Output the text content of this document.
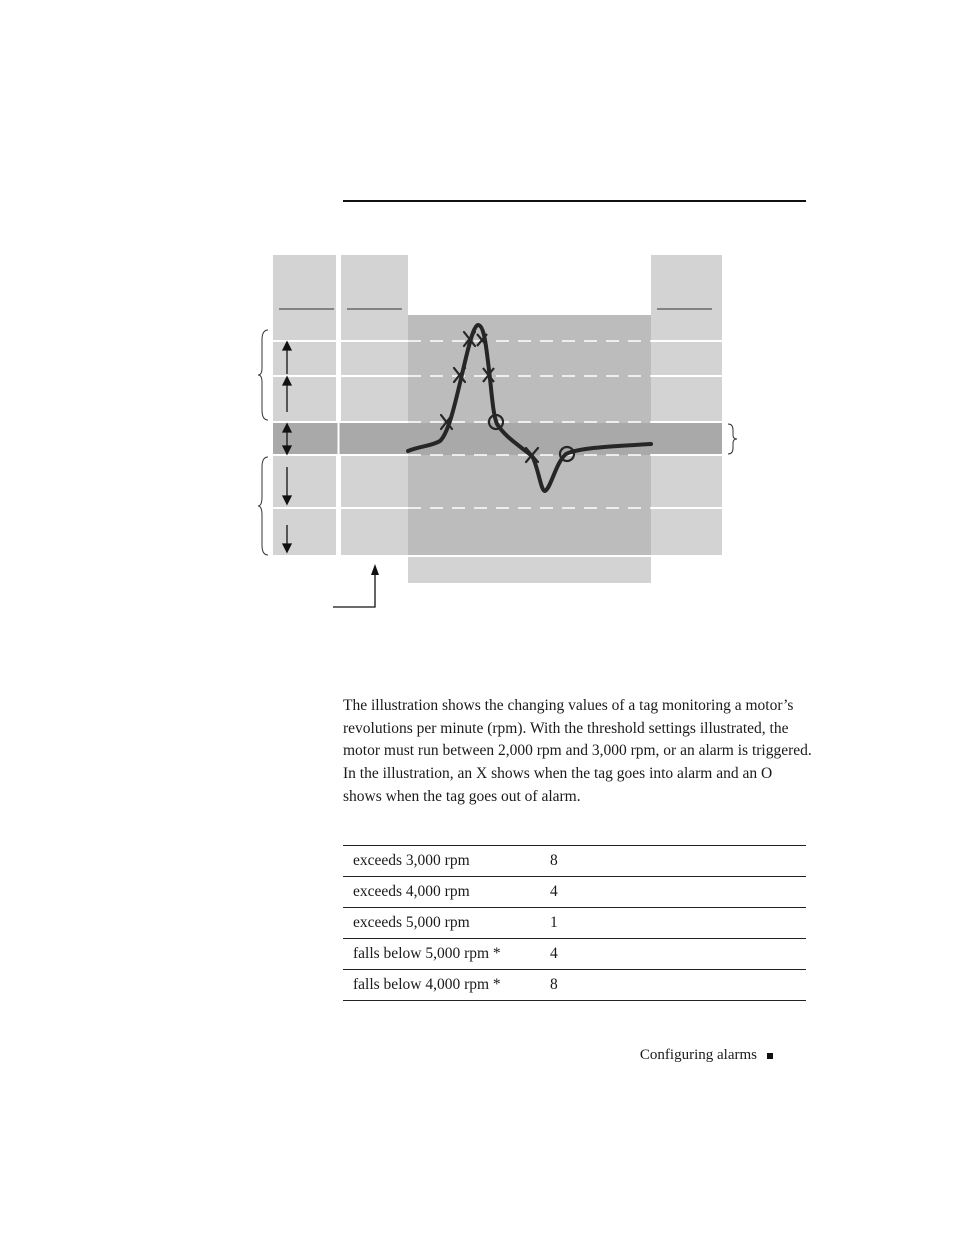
The illustration shows the changing values of a tag monitoring a motor’s revolutions per minute (rpm). With the threshold settings illustrated, the motor must run between 2,000 rpm and 3,000 rpm, or an alarm is triggered. In the illustration, an X shows when the tag goes into alarm and an O shows when the tag goes out of alarm.

exceeds 3,000 rpm	8
exceeds 4,000 rpm	4
exceeds 5,000 rpm	1
falls below 5,000 rpm *	4
falls below 4,000 rpm *	8
Configuring alarms
